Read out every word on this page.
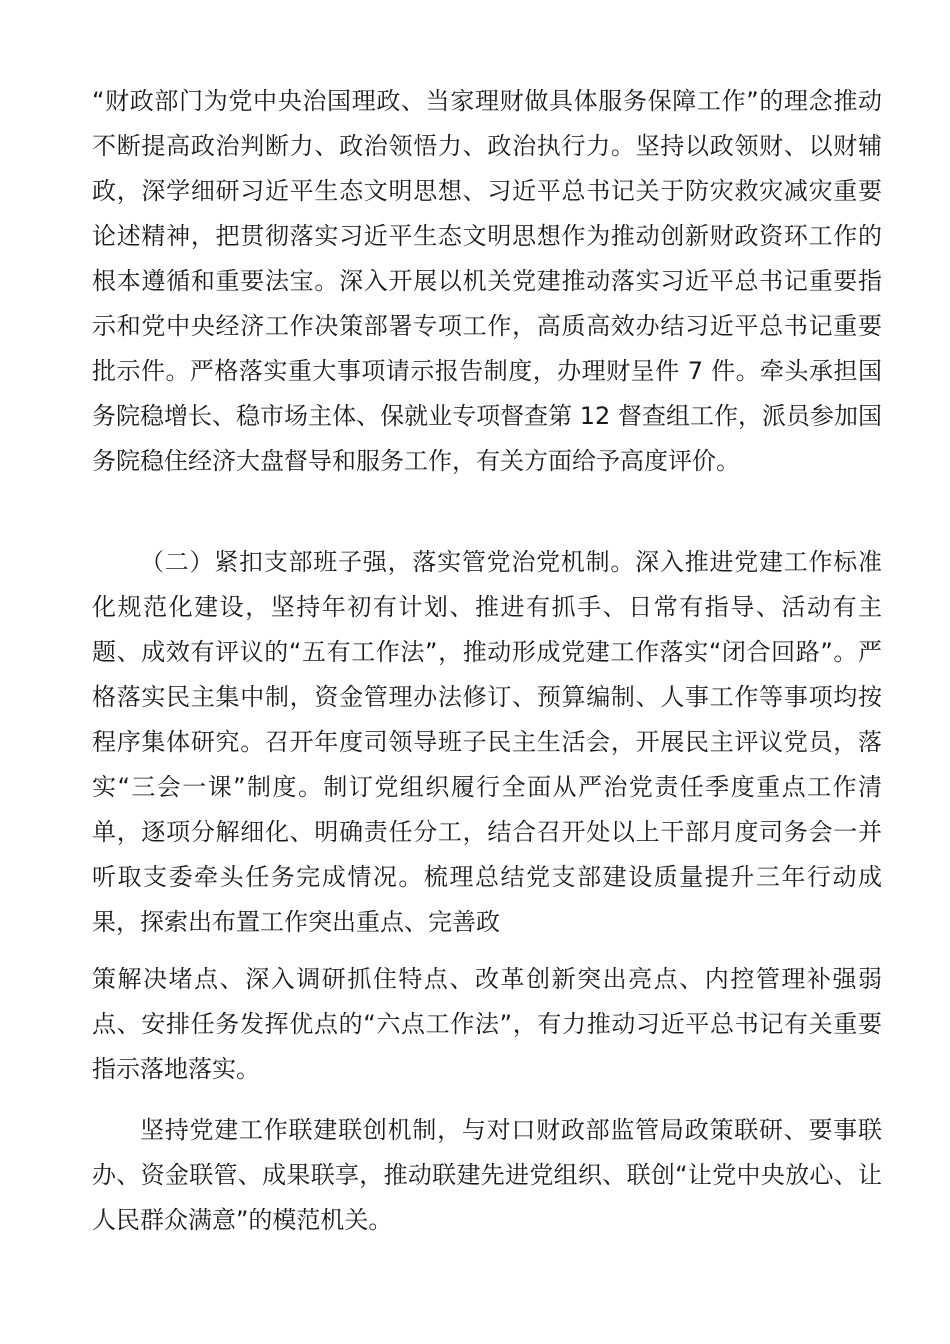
“财政部门为党中央治国理政、当家理财做具体服务保障工作”的理念推动不断提高政治判断力、政治领悟力、政治执行力。坚持以政领财、以财辅政，深学细研习近平生态文明思想、习近平总书记关于防灾救灾减灾重要论述精神，把贯彻落实习近平生态文明思想作为推动创新财政资环工作的根本遵循和重要法宝。深入开展以机关党建推动落实习近平总书记重要指示和党中央经济工作决策部署专项工作，高质高效办结习近平总书记重要批示件。严格落实重大事项请示报告制度，办理财呈件 7 件。牵头承担国务院稳增长、稳市场主体、保就业专项督查第 12 督查组工作，派员参加国务院稳住经济大盘督导和服务工作，有关方面给予高度评价。

（二）紧扣支部班子强，落实管党治党机制。深入推进党建工作标准化规范化建设，坚持年初有计划、推进有抓手、日常有指导、活动有主题、成效有评议的“五有工作法”，推动形成党建工作落实“闭合回路”。严格落实民主集中制，资金管理办法修订、预算编制、人事工作等事项均按程序集体研究。召开年度司领导班子民主生活会，开展民主评议党员，落实“三会一课”制度。制订党组织履行全面从严治党责任季度重点工作清单，逐项分解细化、明确责任分工，结合召开处以上干部月度司务会一并听取支委牵头任务完成情况。梳理总结党支部建设质量提升三年行动成果，探索出布置工作突出重点、完善政

策解决堵点、深入调研抓住特点、改革创新突出亮点、内控管理补强弱点、安排任务发挥优点的“六点工作法”，有力推动习近平总书记有关重要指示落地落实。

坚持党建工作联建联创机制，与对口财政部监管局政策联研、要事联办、资金联管、成果联享，推动联建先进党组织、联创“让党中央放心、让人民群众满意”的模范机关。
